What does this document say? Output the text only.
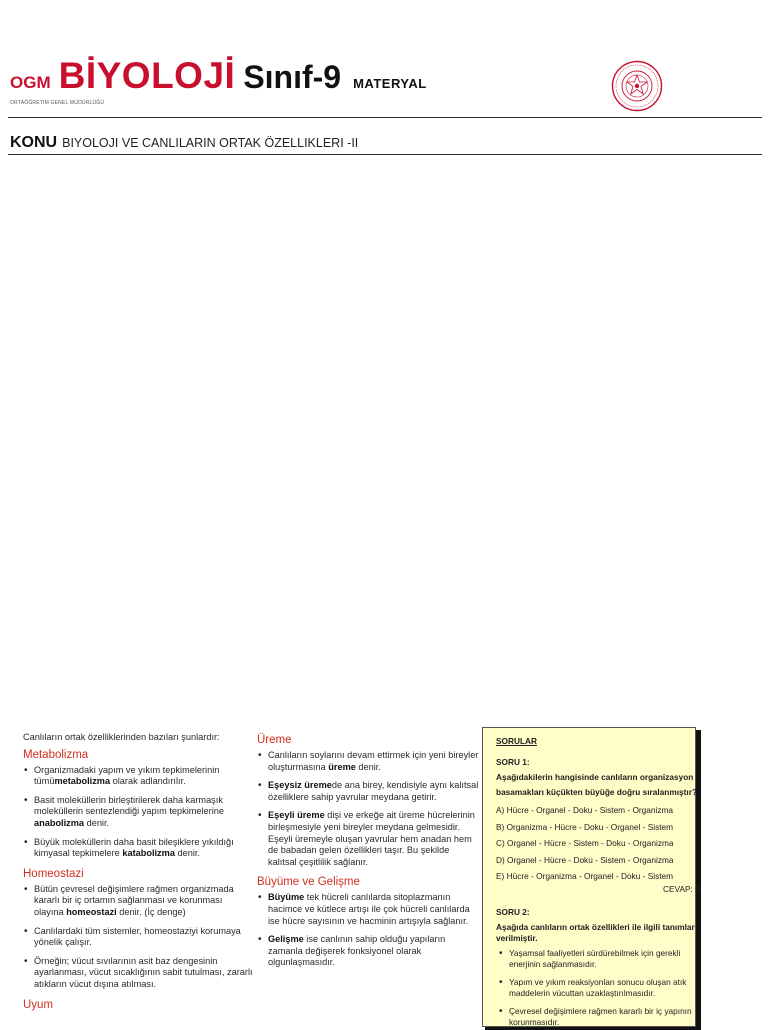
OGM BİYOLOJİ Sınıf-9 MATERYAL
ORTAÖĞRETİM GENEL MÜDÜRLÜĞÜ
KONU BIYOLOJI VE CANLILARIN ORTAK ÖZELLIKLERI -II
Canlıların ortak özelliklerinden bazıları şunlardır:
Metabolizma
• Organizmadaki yapım ve yıkım tepkimelerinin tümümetabolizma olarak adlandırılır.
• Basit moleküllerin birleştirilerek daha karmaşık moleküllerin sentezlendiği yapım tepkimelerine anabolizma denir.
• Büyük moleküllerin daha basit bileşiklere yıkıldığı kimyasal tepkimelere katabolizma denir.
Homeostazi
• Bütün çevresel değişimlere rağmen organizmada kararlı bir iç ortamın sağlanması ve korunması olayına homeostazi denir. (İç denge)
• Canlılardaki tüm sistemler, homeostaziyi korumaya yönelik çalışır.
• Örneğin; vücut sıvılarının asit baz dengesinin ayarlanması, vücut sıcaklığının sabit tutulması, zararlı atıkların vücut dışına atılması.
Uyum
Üreme
• Canlıların soylarını devam ettirmek için yeni bireyler oluşturmasına üreme denir.
• Eşeysiz üremede ana birey, kendisiyle aynı kalıtsal özelliklere sahip yavrular meydana getirir.
• Eşeyli üreme dişi ve erkeğe ait üreme hücrelerinin birleşmesiyle yeni bireyler meydana gelmesidir. Eşeyli üremeyle oluşan yavrular hem anadan hem de babadan gelen özellikleri taşır. Bu şekilde kalıtsal çeşitlilik sağlanır.
Büyüme ve Gelişme
• Büyüme tek hücreli canlılarda sitoplazmanın hacimce ve kütlece artışı ile çok hücreli canlılarda ise hücre sayısının ve hacminin artışıyla sağlanır.
• Gelişme ise canlının sahip olduğu yapıların zamanla değişerek fonksiyonel olarak olgunlaşmasıdır.
SORULAR
SORU 1:
Aşağıdakilerin hangisinde canlıların organizasyon
basamakları küçükten büyüğe doğru sıralanmıştır?
A) Hücre - Organel - Doku - Sistem - Organizma
B) Organizma - Hücre - Doku - Organel - Sistem
C) Organel - Hücre - Sistem - Doku - Organizma
D) Organel - Hücre - Doku - Sistem - Organizma
E) Hücre - Organizma - Organel - Doku - Sistem
CEVAP: D
SORU 2:
Aşağıda canlıların ortak özellikleri ile ilgili tanımlar
verilmiştir.
• Yaşamsal faaliyetleri sürdürebilmek için gerekli enerjinin sağlanmasıdır.
• Yapım ve yıkım reaksiyonları sonucu oluşan atık maddelerin vücuttan uzaklaştırılmasıdır.
• Çevresel değişimlere rağmen kararlı bir iç yapının korunmasıdır.
